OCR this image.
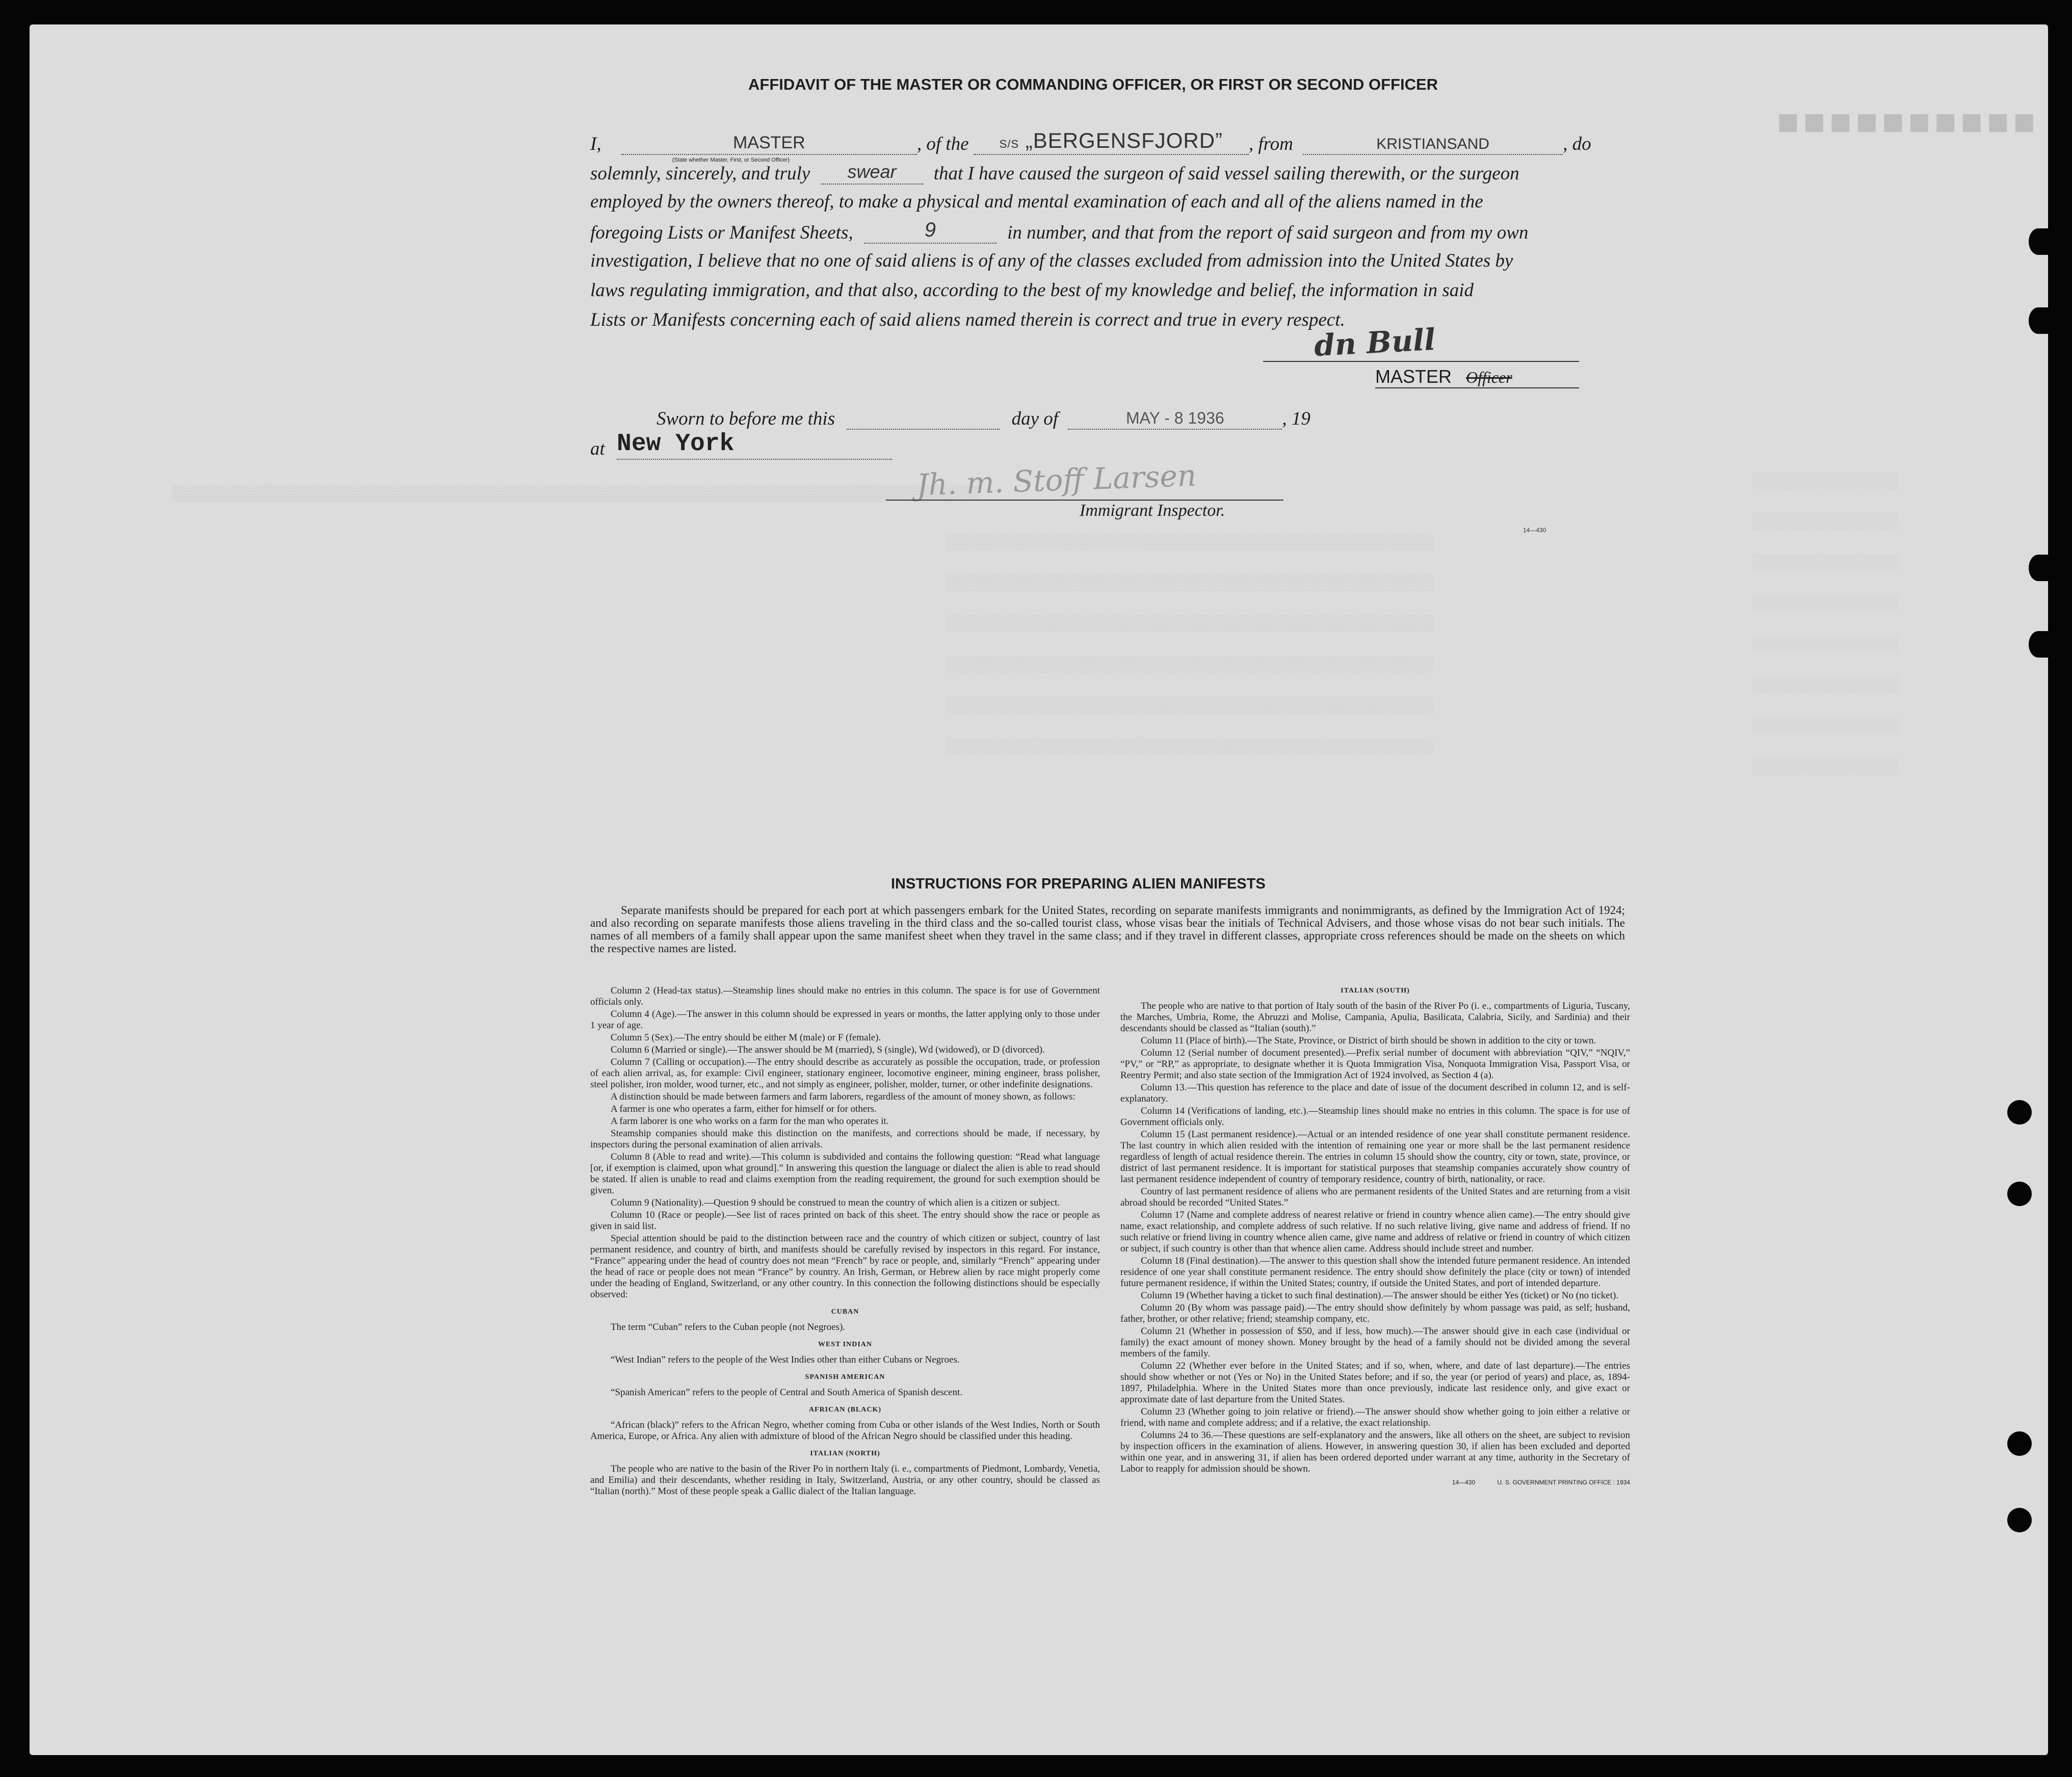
■■■■■■■■■■
░░░░░░░░░░░░░░░░░░░░░░░░░░░░░░░░░░░░░░░░░░░░░░░░░░░░░░░░░░░░░░░░░░░░░░░░░░░░░░░░░░░░░░░░
░░░░░░░░░░░░░░░░░░░░░░░░░░░░░░░░░░░░░░░░░░░░░░░░░░░░░
░░░░░░░░░░░░░░░░░░░░░░░░░░░░░░░░░░░░░░░░░░░░░░░░░░░░░
░░░░░░░░░░░░░░░░░░░░░░░░░░░░░░░░░░░░░░░░░░░░░░░░░░░░░
░░░░░░░░░░░░░░░░░░░░░░░░░░░░░░░░░░░░░░░░░░░░░░░░░░░░░
░░░░░░░░░░░░░░░░░░░░░░░░░░░░░░░░░░░░░░░░░░░░░░░░░░░░░
░░░░░░░░░░░░░░░░░░░░░░░░░░░░░░░░░░░░░░░░░░░░░░░░░░░░░
░░░░░░░░░░░░░░░░
░░░░░░░░░░░░░░░░
░░░░░░░░░░░░░░░░
░░░░░░░░░░░░░░░░
░░░░░░░░░░░░░░░░
░░░░░░░░░░░░░░░░
░░░░░░░░░░░░░░░░
░░░░░░░░░░░░░░░░
AFFIDAVIT OF THE MASTER OR COMMANDING OFFICER, OR FIRST OR SECOND OFFICER
I,	MASTER
(State whether Master, First, or Second Officer)
, of the	S/S „BERGENSFJORD”	, from	KRISTIANSAND	, do
solemnly, sincerely, and truly	swear	that I have caused the surgeon of said vessel sailing therewith, or the surgeon
employed by the owners thereof, to make a physical and mental examination of each and all of the aliens named in the
foregoing Lists or Manifest Sheets,	9	in number, and that from the report of said surgeon and from my own
investigation, I believe that no one of said aliens is of any of the classes excluded from admission into the United States by
laws regulating immigration, and that also, according to the best of my knowledge and belief, the information in said
Lists or Manifests concerning each of said aliens named therein is correct and true in every respect.
dn Bull
MASTER Officer
Sworn to before me this	day of	MAY - 8 1936	, 19
at New York
Jh. m. Stoff Larsen
Immigrant Inspector.
14—430
INSTRUCTIONS FOR PREPARING ALIEN MANIFESTS

Separate manifests should be prepared for each port at which passengers embark for the United States, recording on separate manifests immigrants and nonimmigrants, as defined by the Immigration Act of 1924; and also recording on separate manifests those aliens traveling in the third class and the so-called tourist class, whose visas bear the initials of Technical Advisers, and those whose visas do not bear such initials. The names of all members of a family shall appear upon the same manifest sheet when they travel in the same class; and if they travel in different classes, appropriate cross references should be made on the sheets on which the respective names are listed.

Column 2 (Head-tax status).—Steamship lines should make no entries in this column. The space is for use of Government officials only.

Column 4 (Age).—The answer in this column should be expressed in years or months, the latter applying only to those under 1 year of age.

Column 5 (Sex).—The entry should be either M (male) or F (female).

Column 6 (Married or single).—The answer should be M (married), S (single), Wd (widowed), or D (divorced).

Column 7 (Calling or occupation).—The entry should describe as accurately as possible the occupation, trade, or profession of each alien arrival, as, for example: Civil engineer, stationary engineer, locomotive engineer, mining engineer, brass polisher, steel polisher, iron molder, wood turner, etc., and not simply as engineer, polisher, molder, turner, or other indefinite designations.

A distinction should be made between farmers and farm laborers, regardless of the amount of money shown, as follows:

A farmer is one who operates a farm, either for himself or for others.

A farm laborer is one who works on a farm for the man who operates it.

Steamship companies should make this distinction on the manifests, and corrections should be made, if necessary, by inspectors during the personal examination of alien arrivals.

Column 8 (Able to read and write).—This column is subdivided and contains the following question: “Read what language [or, if exemption is claimed, upon what ground].” In answering this question the language or dialect the alien is able to read should be stated. If alien is unable to read and claims exemption from the reading requirement, the ground for such exemption should be given.

Column 9 (Nationality).—Question 9 should be construed to mean the country of which alien is a citizen or subject.

Column 10 (Race or people).—See list of races printed on back of this sheet. The entry should show the race or people as given in said list.

Special attention should be paid to the distinction between race and the country of which citizen or subject, country of last permanent residence, and country of birth, and manifests should be carefully revised by inspectors in this regard. For instance, “France” appearing under the head of country does not mean “French” by race or people, and, similarly “French” appearing under the head of race or people does not mean “France” by country. An Irish, German, or Hebrew alien by race might properly come under the heading of England, Switzerland, or any other country. In this connection the following distinctions should be especially observed:

CUBAN

The term “Cuban” refers to the Cuban people (not Negroes).

WEST INDIAN

“West Indian” refers to the people of the West Indies other than either Cubans or Negroes.

SPANISH AMERICAN

“Spanish American” refers to the people of Central and South America of Spanish descent.

AFRICAN (BLACK)

“African (black)” refers to the African Negro, whether coming from Cuba or other islands of the West Indies, North or South America, Europe, or Africa. Any alien with admixture of blood of the African Negro should be classified under this heading.

ITALIAN (NORTH)

The people who are native to the basin of the River Po in northern Italy (i. e., compartments of Piedmont, Lombardy, Venetia, and Emilia) and their descendants, whether residing in Italy, Switzerland, Austria, or any other country, should be classed as “Italian (north).” Most of these people speak a Gallic dialect of the Italian language.

ITALIAN (SOUTH)

The people who are native to that portion of Italy south of the basin of the River Po (i. e., compartments of Liguria, Tuscany, the Marches, Umbria, Rome, the Abruzzi and Molise, Campania, Apulia, Basilicata, Calabria, Sicily, and Sardinia) and their descendants should be classed as “Italian (south).”

Column 11 (Place of birth).—The State, Province, or District of birth should be shown in addition to the city or town.

Column 12 (Serial number of document presented).—Prefix serial number of document with abbreviation “QIV,” “NQIV,” “PV,” or “RP,” as appropriate, to designate whether it is Quota Immigration Visa, Nonquota Immigration Visa, Passport Visa, or Reentry Permit; and also state section of the Immigration Act of 1924 involved, as Section 4 (a).

Column 13.—This question has reference to the place and date of issue of the document described in column 12, and is self-explanatory.

Column 14 (Verifications of landing, etc.).—Steamship lines should make no entries in this column. The space is for use of Government officials only.

Column 15 (Last permanent residence).—Actual or an intended residence of one year shall constitute permanent residence. The last country in which alien resided with the intention of remaining one year or more shall be the last permanent residence regardless of length of actual residence therein. The entries in column 15 should show the country, city or town, state, province, or district of last permanent residence. It is important for statistical purposes that steamship companies accurately show country of last permanent residence independent of country of temporary residence, country of birth, nationality, or race.

Country of last permanent residence of aliens who are permanent residents of the United States and are returning from a visit abroad should be recorded “United States.”

Column 17 (Name and complete address of nearest relative or friend in country whence alien came).—The entry should give name, exact relationship, and complete address of such relative. If no such relative living, give name and address of friend. If no such relative or friend living in country whence alien came, give name and address of relative or friend in country of which citizen or subject, if such country is other than that whence alien came. Address should include street and number.

Column 18 (Final destination).—The answer to this question shall show the intended future permanent residence. An intended residence of one year shall constitute permanent residence. The entry should show definitely the place (city or town) of intended future permanent residence, if within the United States; country, if outside the United States, and port of intended departure.

Column 19 (Whether having a ticket to such final destination).—The answer should be either Yes (ticket) or No (no ticket).

Column 20 (By whom was passage paid).—The entry should show definitely by whom passage was paid, as self; husband, father, brother, or other relative; friend; steamship company, etc.

Column 21 (Whether in possession of $50, and if less, how much).—The answer should give in each case (individual or family) the exact amount of money shown. Money brought by the head of a family should not be divided among the several members of the family.

Column 22 (Whether ever before in the United States; and if so, when, where, and date of last departure).—The entries should show whether or not (Yes or No) in the United States before; and if so, the year (or period of years) and place, as, 1894-1897, Philadelphia. Where in the United States more than once previously, indicate last residence only, and give exact or approximate date of last departure from the United States.

Column 23 (Whether going to join relative or friend).—The answer should show whether going to join either a relative or friend, with name and complete address; and if a relative, the exact relationship.

Columns 24 to 36.—These questions are self-explanatory and the answers, like all others on the sheet, are subject to revision by inspection officers in the examination of aliens. However, in answering question 30, if alien has been excluded and deported within one year, and in answering 31, if alien has been ordered deported under warrant at any time, authority in the Secretary of Labor to reapply for admission should be shown.

14—430	U. S. GOVERNMENT PRINTING OFFICE : 1934
